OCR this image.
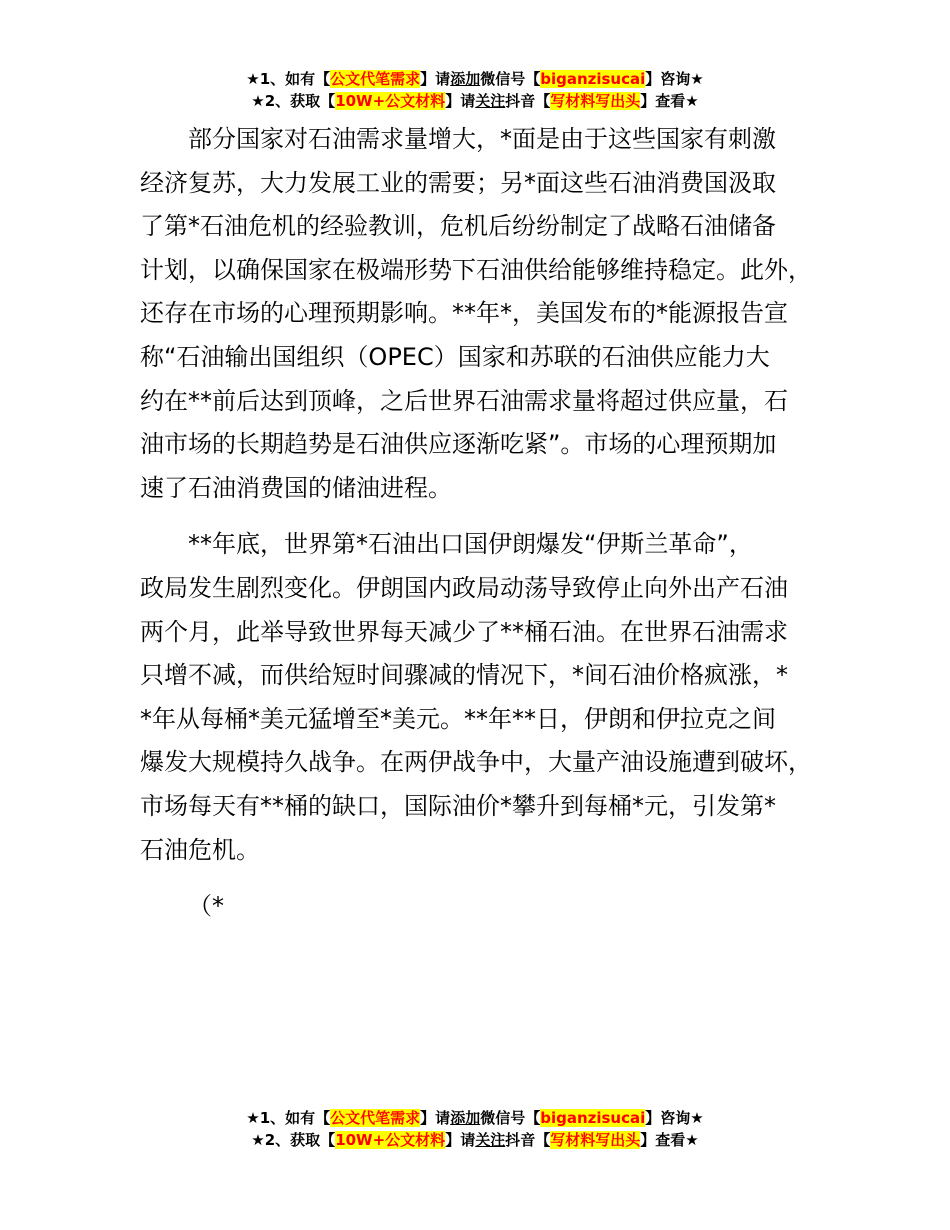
★1、如有【公文代笔需求】请添加微信号【biganzisucai】咨询★
★2、获取【10W+公文材料】请关注抖音【写材料写出头】查看★

部分国家对石油需求量增大，*面是由于这些国家有刺激
经济复苏，大力发展工业的需要；另*面这些石油消费国汲取
了第*石油危机的经验教训，危机后纷纷制定了战略石油储备
计划，以确保国家在极端形势下石油供给能够维持稳定。此外，
还存在市场的心理预期影响。**年*，美国发布的*能源报告宣
称“石油输出国组织（OPEC）国家和苏联的石油供应能力大
约在**前后达到顶峰，之后世界石油需求量将超过供应量，石
油市场的长期趋势是石油供应逐渐吃紧”。市场的心理预期加
速了石油消费国的储油进程。

**年底，世界第*石油出口国伊朗爆发“伊斯兰革命”，
政局发生剧烈变化。伊朗国内政局动荡导致停止向外出产石油
两个月，此举导致世界每天减少了**桶石油。在世界石油需求
只增不减，而供给短时间骤减的情况下，*间石油价格疯涨，*
*年从每桶*美元猛增至*美元。**年**日，伊朗和伊拉克之间
爆发大规模持久战争。在两伊战争中，大量产油设施遭到破坏，
市场每天有**桶的缺口，国际油价*攀升到每桶*元，引发第*
石油危机。

（*

★1、如有【公文代笔需求】请添加微信号【biganzisucai】咨询★
★2、获取【10W+公文材料】请关注抖音【写材料写出头】查看★
